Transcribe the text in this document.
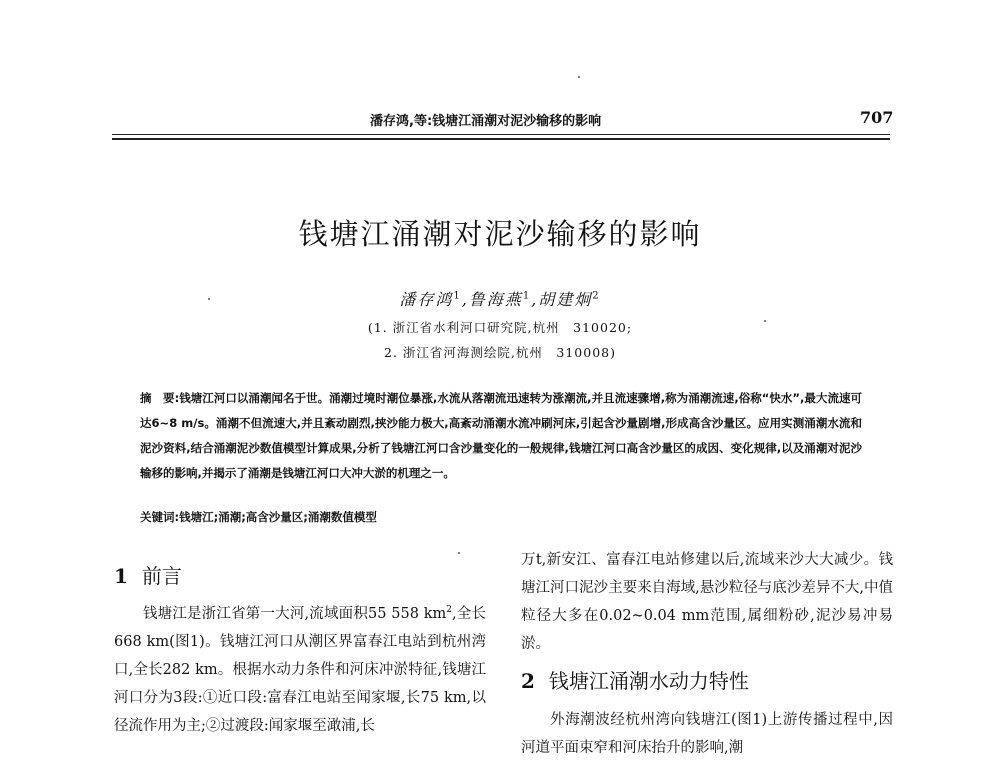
潘存鸿,等:钱塘江涌潮对泥沙输移的影响	707
钱塘江涌潮对泥沙输移的影响
潘存鸿$^1$,鲁海燕$^1$,胡建炯$^2$
(1. 浙江省水利河口研究院,杭州　310020;
2. 浙江省河海测绘院,杭州　310008)
摘　要:钱塘江河口以涌潮闻名于世。涌潮过境时潮位暴涨,水流从落潮流迅速转为涨潮流,并且流速骤增,称为涌潮流速,俗称“快水”,最大流速可达6~8 m/s。涌潮不但流速大,并且紊动剧烈,挟沙能力极大,高紊动涌潮水流冲刷河床,引起含沙量剧增,形成高含沙量区。应用实测涌潮水流和泥沙资料,结合涌潮泥沙数值模型计算成果,分析了钱塘江河口含沙量变化的一般规律,钱塘江河口高含沙量区的成因、变化规律,以及涌潮对泥沙输移的影响,并揭示了涌潮是钱塘江河口大冲大淤的机理之一。
关键词:钱塘江;涌潮;高含沙量区;涌潮数值模型
1 前言

钱塘江是浙江省第一大河,流域面积55 558 $km^2$,全长668 km(图1)。钱塘江河口从潮区界富春江电站到杭州湾口,全长282 km。根据水动力条件和河床冲淤特征,钱塘江河口分为3段:①近口段:富春江电站至闻家堰,长75 km,以径流作用为主;②过渡段:闻家堰至澉浦,长

万t,新安江、富春江电站修建以后,流域来沙大大减少。钱塘江河口泥沙主要来自海域,悬沙粒径与底沙差异不大,中值粒径大多在0.02~0.04 mm范围,属细粉砂,泥沙易冲易淤。

2 钱塘江涌潮水动力特性

外海潮波经杭州湾向钱塘江(图1)上游传播过程中,因河道平面束窄和河床抬升的影响,潮
